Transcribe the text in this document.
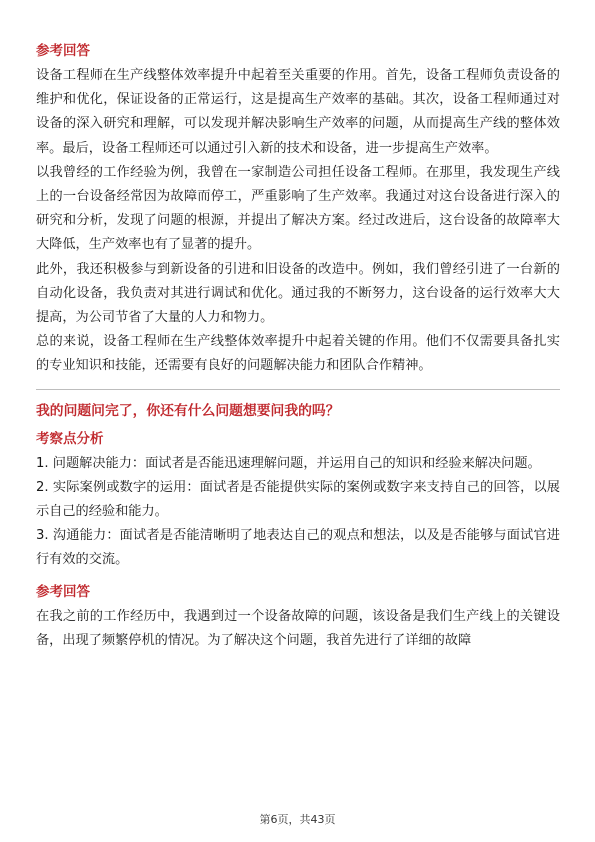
参考回答

设备工程师在生产线整体效率提升中起着至关重要的作用。首先，设备工程师负责设备的维护和优化，保证设备的正常运行，这是提高生产效率的基础。其次，设备工程师通过对设备的深入研究和理解，可以发现并解决影响生产效率的问题，从而提高生产线的整体效率。最后，设备工程师还可以通过引入新的技术和设备，进一步提高生产效率。

以我曾经的工作经验为例，我曾在一家制造公司担任设备工程师。在那里，我发现生产线上的一台设备经常因为故障而停工，严重影响了生产效率。我通过对这台设备进行深入的研究和分析，发现了问题的根源，并提出了解决方案。经过改进后，这台设备的故障率大大降低，生产效率也有了显著的提升。

此外，我还积极参与到新设备的引进和旧设备的改造中。例如，我们曾经引进了一台新的自动化设备，我负责对其进行调试和优化。通过我的不断努力，这台设备的运行效率大大提高，为公司节省了大量的人力和物力。

总的来说，设备工程师在生产线整体效率提升中起着关键的作用。他们不仅需要具备扎实的专业知识和技能，还需要有良好的问题解决能力和团队合作精神。

我的问题问完了，你还有什么问题想要问我的吗？

考察点分析

1. 问题解决能力：面试者是否能迅速理解问题，并运用自己的知识和经验来解决问题。

2. 实际案例或数字的运用：面试者是否能提供实际的案例或数字来支持自己的回答，以展示自己的经验和能力。

3. 沟通能力：面试者是否能清晰明了地表达自己的观点和想法，以及是否能够与面试官进行有效的交流。

参考回答

在我之前的工作经历中，我遇到过一个设备故障的问题，该设备是我们生产线上的关键设备，出现了频繁停机的情况。为了解决这个问题，我首先进行了详细的故障

第6页，共43页
